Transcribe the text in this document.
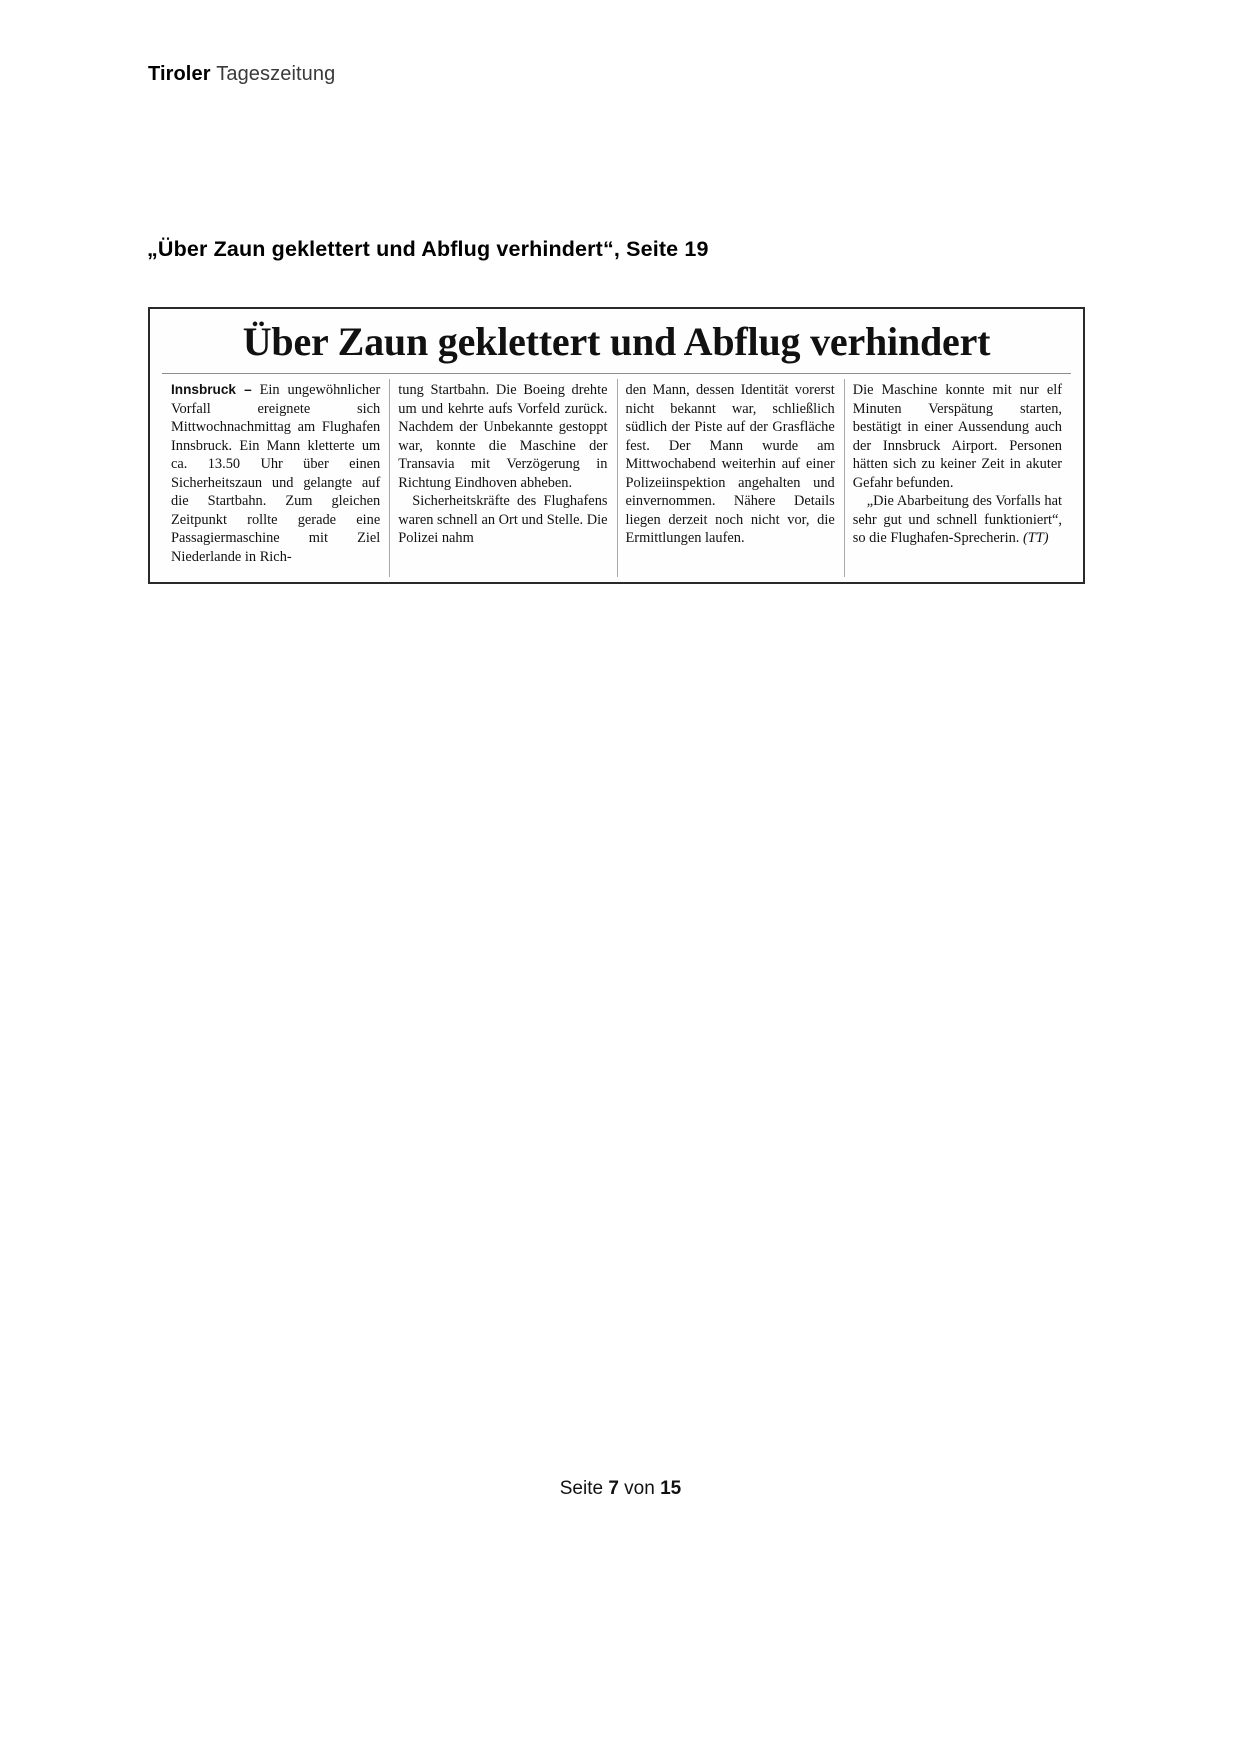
Tiroler Tageszeitung
„Über Zaun geklettert und Abflug verhindert“, Seite 19
Über Zaun geklettert und Abflug verhindert

Innsbruck – Ein ungewöhnlicher Vorfall ereignete sich Mittwochnachmittag am Flughafen Innsbruck. Ein Mann kletterte um ca. 13.50 Uhr über einen Sicherheitszaun und gelangte auf die Startbahn. Zum gleichen Zeitpunkt rollte gerade eine Passagiermaschine mit Ziel Niederlande in Rich-

tung Startbahn. Die Boeing drehte um und kehrte aufs Vorfeld zurück. Nachdem der Unbekannte gestoppt war, konnte die Maschine der Transavia mit Verzögerung in Richtung Eindhoven abheben.

Sicherheitskräfte des Flughafens waren schnell an Ort und Stelle. Die Polizei nahm

den Mann, dessen Identität vorerst nicht bekannt war, schließlich südlich der Piste auf der Grasfläche fest. Der Mann wurde am Mittwochabend weiterhin auf einer Polizeiinspektion angehalten und einvernommen. Nähere Details liegen derzeit noch nicht vor, die Ermittlungen laufen.

Die Maschine konnte mit nur elf Minuten Verspätung starten, bestätigt in einer Aussendung auch der Innsbruck Airport. Personen hätten sich zu keiner Zeit in akuter Gefahr befunden.

„Die Abarbeitung des Vorfalls hat sehr gut und schnell funktioniert“, so die Flughafen-Sprecherin. (TT)

Seite 7 von 15
